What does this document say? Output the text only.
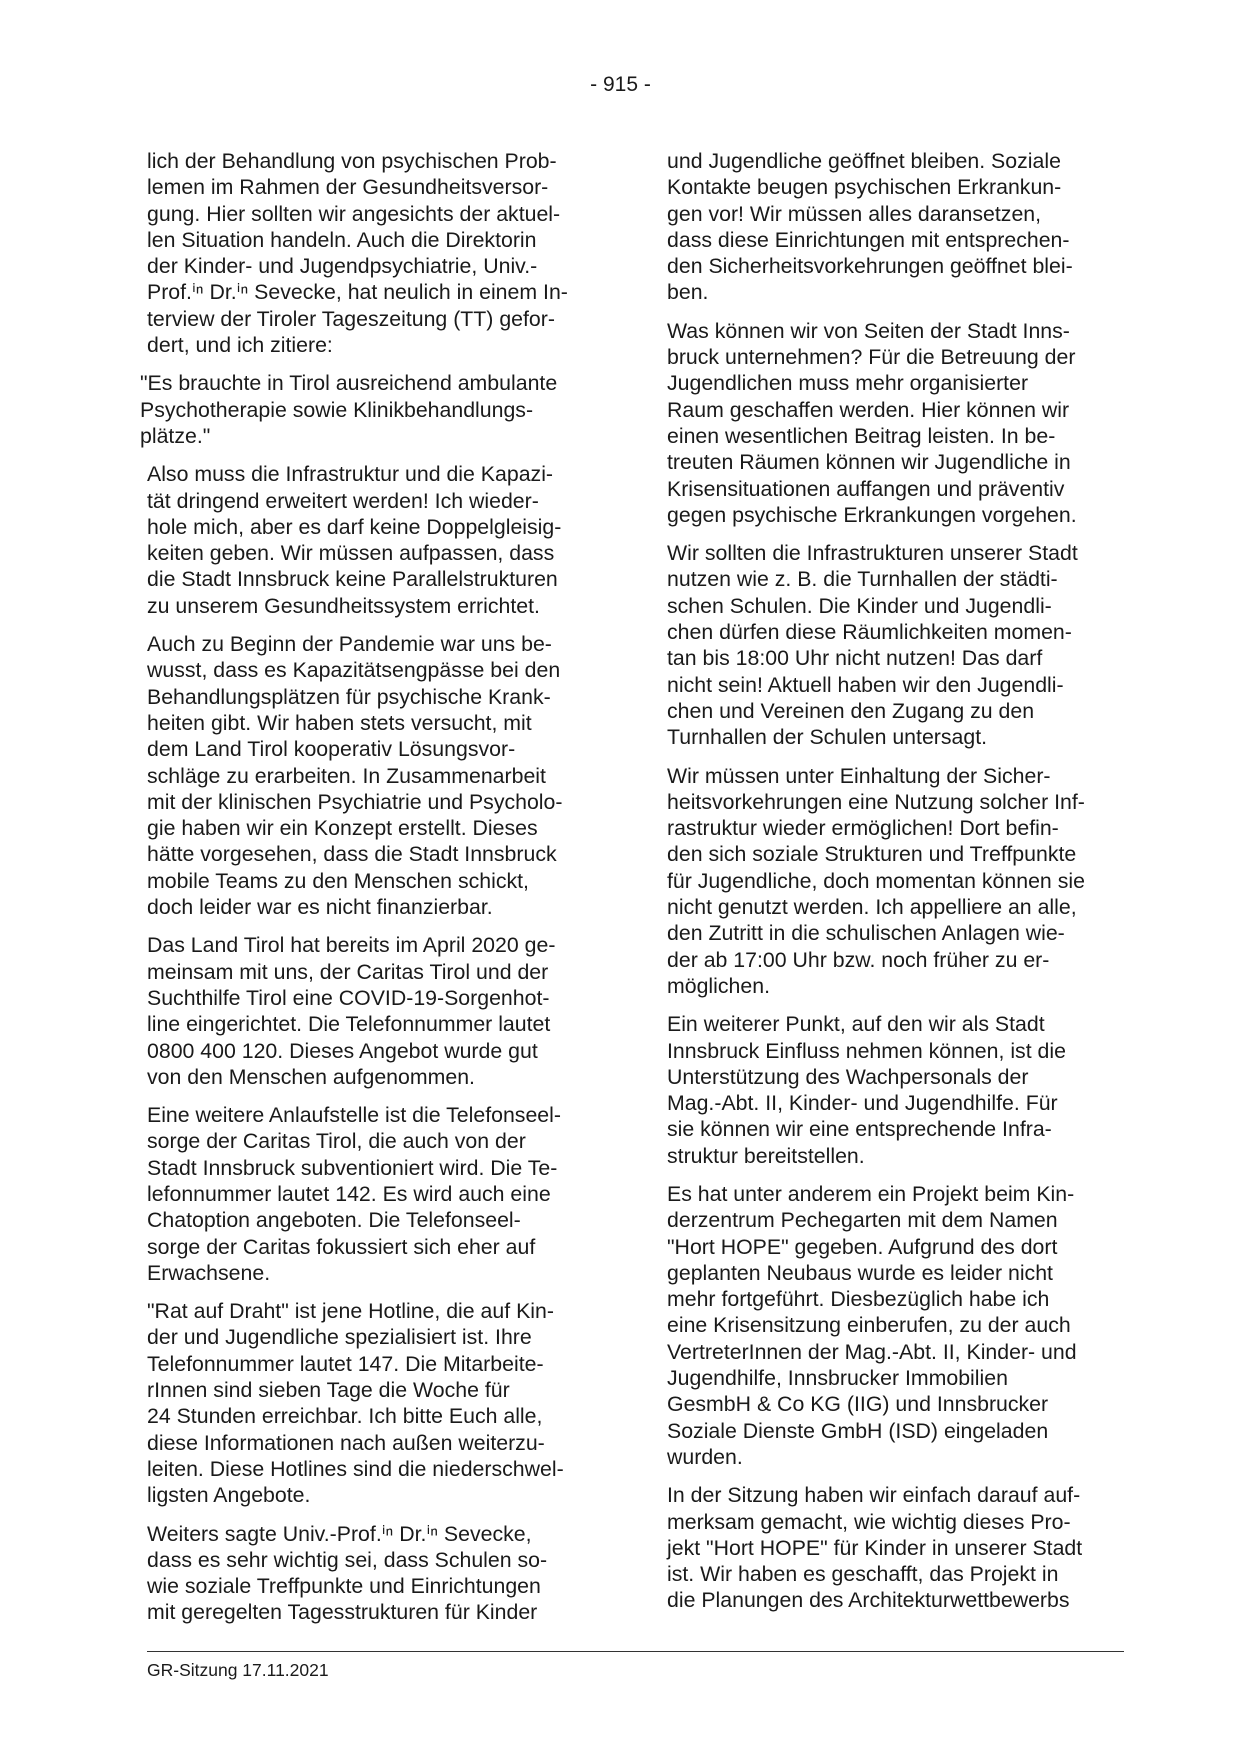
- 915 -
lich der Behandlung von psychischen Prob-
lemen im Rahmen der Gesundheitsversor-
gung. Hier sollten wir angesichts der aktuel-
len Situation handeln. Auch die Direktorin
der Kinder- und Jugendpsychiatrie, Univ.-
Prof.ⁱⁿ Dr.ⁱⁿ Sevecke, hat neulich in einem In-
terview der Tiroler Tageszeitung (TT) gefor-
dert, und ich zitiere:
"Es brauchte in Tirol ausreichend ambulante
Psychotherapie sowie Klinikbehandlungs-
plätze."
Also muss die Infrastruktur und die Kapazi-
tät dringend erweitert werden! Ich wieder-
hole mich, aber es darf keine Doppelgleisig-
keiten geben. Wir müssen aufpassen, dass
die Stadt Innsbruck keine Parallelstrukturen
zu unserem Gesundheitssystem errichtet.
Auch zu Beginn der Pandemie war uns be-
wusst, dass es Kapazitätsengpässe bei den
Behandlungsplätzen für psychische Krank-
heiten gibt. Wir haben stets versucht, mit
dem Land Tirol kooperativ Lösungsvor-
schläge zu erarbeiten. In Zusammenarbeit
mit der klinischen Psychiatrie und Psycholo-
gie haben wir ein Konzept erstellt. Dieses
hätte vorgesehen, dass die Stadt Innsbruck
mobile Teams zu den Menschen schickt,
doch leider war es nicht finanzierbar.
Das Land Tirol hat bereits im April 2020 ge-
meinsam mit uns, der Caritas Tirol und der
Suchthilfe Tirol eine COVID-19-Sorgenhot-
line eingerichtet. Die Telefonnummer lautet
0800 400 120. Dieses Angebot wurde gut
von den Menschen aufgenommen.
Eine weitere Anlaufstelle ist die Telefonseel-
sorge der Caritas Tirol, die auch von der
Stadt Innsbruck subventioniert wird. Die Te-
lefonnummer lautet 142. Es wird auch eine
Chatoption angeboten. Die Telefonseel-
sorge der Caritas fokussiert sich eher auf
Erwachsene.
"Rat auf Draht" ist jene Hotline, die auf Kin-
der und Jugendliche spezialisiert ist. Ihre
Telefonnummer lautet 147. Die Mitarbeite-
rInnen sind sieben Tage die Woche für
24 Stunden erreichbar. Ich bitte Euch alle,
diese Informationen nach außen weiterzu-
leiten. Diese Hotlines sind die niederschwel-
ligsten Angebote.
Weiters sagte Univ.-Prof.ⁱⁿ Dr.ⁱⁿ Sevecke,
dass es sehr wichtig sei, dass Schulen so-
wie soziale Treffpunkte und Einrichtungen
mit geregelten Tagesstrukturen für Kinder
und Jugendliche geöffnet bleiben. Soziale
Kontakte beugen psychischen Erkrankun-
gen vor! Wir müssen alles daransetzen,
dass diese Einrichtungen mit entsprechen-
den Sicherheitsvorkehrungen geöffnet blei-
ben.
Was können wir von Seiten der Stadt Inns-
bruck unternehmen? Für die Betreuung der
Jugendlichen muss mehr organisierter
Raum geschaffen werden. Hier können wir
einen wesentlichen Beitrag leisten. In be-
treuten Räumen können wir Jugendliche in
Krisensituationen auffangen und präventiv
gegen psychische Erkrankungen vorgehen.
Wir sollten die Infrastrukturen unserer Stadt
nutzen wie z. B. die Turnhallen der städti-
schen Schulen. Die Kinder und Jugendli-
chen dürfen diese Räumlichkeiten momen-
tan bis 18:00 Uhr nicht nutzen! Das darf
nicht sein! Aktuell haben wir den Jugendli-
chen und Vereinen den Zugang zu den
Turnhallen der Schulen untersagt.
Wir müssen unter Einhaltung der Sicher-
heitsvorkehrungen eine Nutzung solcher Inf-
rastruktur wieder ermöglichen! Dort befin-
den sich soziale Strukturen und Treffpunkte
für Jugendliche, doch momentan können sie
nicht genutzt werden. Ich appelliere an alle,
den Zutritt in die schulischen Anlagen wie-
der ab 17:00 Uhr bzw. noch früher zu er-
möglichen.
Ein weiterer Punkt, auf den wir als Stadt
Innsbruck Einfluss nehmen können, ist die
Unterstützung des Wachpersonals der
Mag.-Abt. II, Kinder- und Jugendhilfe. Für
sie können wir eine entsprechende Infra-
struktur bereitstellen.
Es hat unter anderem ein Projekt beim Kin-
derzentrum Pechegarten mit dem Namen
"Hort HOPE" gegeben. Aufgrund des dort
geplanten Neubaus wurde es leider nicht
mehr fortgeführt. Diesbezüglich habe ich
eine Krisensitzung einberufen, zu der auch
VertreterInnen der Mag.-Abt. II, Kinder- und
Jugendhilfe, Innsbrucker Immobilien
GesmbH & Co KG (IIG) und Innsbrucker
Soziale Dienste GmbH (ISD) eingeladen
wurden.
In der Sitzung haben wir einfach darauf auf-
merksam gemacht, wie wichtig dieses Pro-
jekt "Hort HOPE" für Kinder in unserer Stadt
ist. Wir haben es geschafft, das Projekt in
die Planungen des Architekturwettbewerbs
GR-Sitzung 17.11.2021
